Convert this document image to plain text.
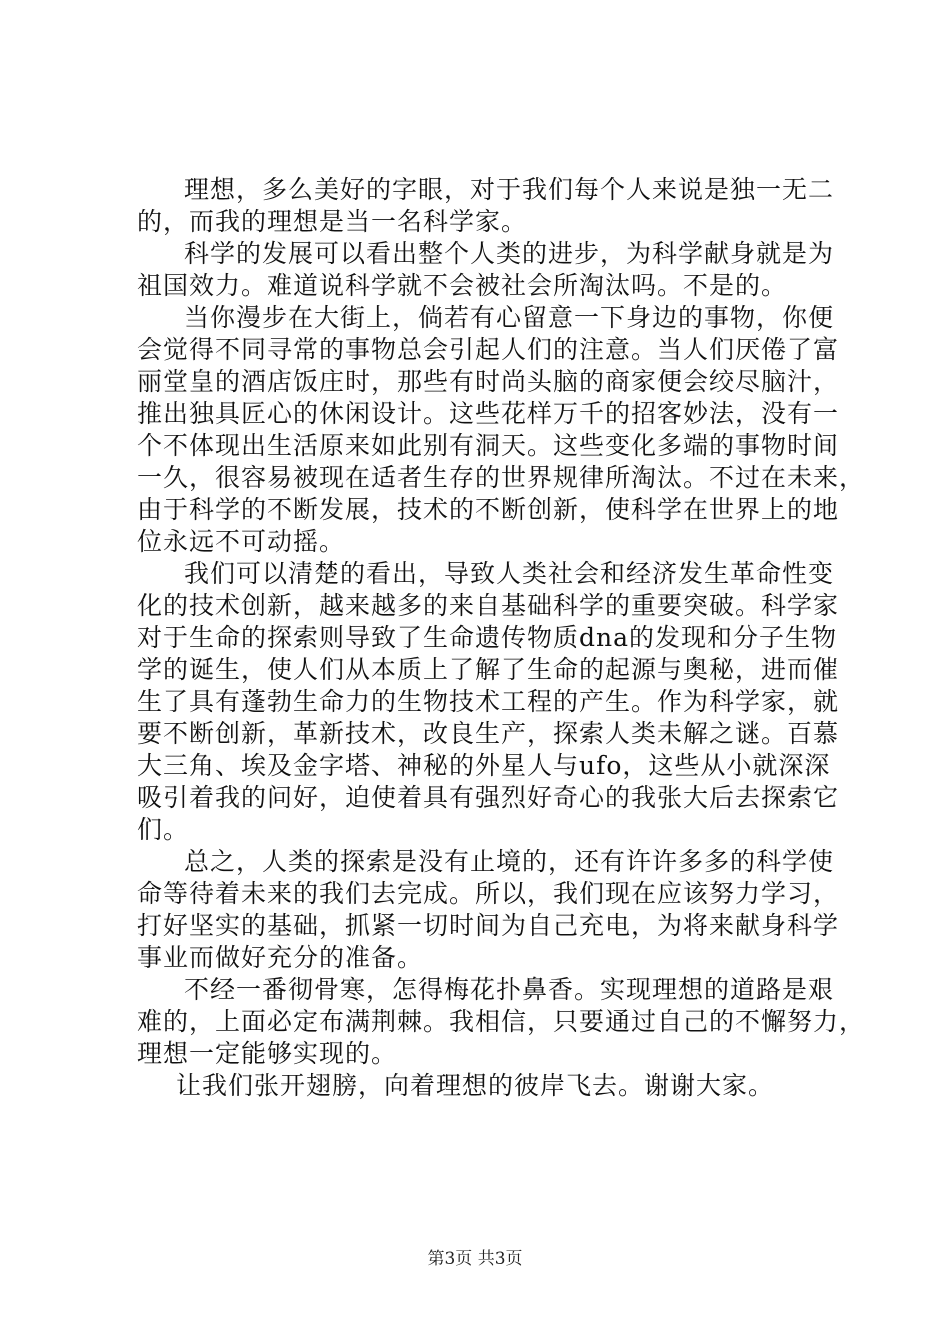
理想，多么美好的字眼，对于我们每个人来说是独一无二
的，而我的理想是当一名科学家。
科学的发展可以看出整个人类的进步，为科学献身就是为
祖国效力。难道说科学就不会被社会所淘汰吗。不是的。
当你漫步在大街上，倘若有心留意一下身边的事物，你便
会觉得不同寻常的事物总会引起人们的注意。当人们厌倦了富
丽堂皇的酒店饭庄时，那些有时尚头脑的商家便会绞尽脑汁，
推出独具匠心的休闲设计。这些花样万千的招客妙法，没有一
个不体现出生活原来如此别有洞天。这些变化多端的事物时间
一久，很容易被现在适者生存的世界规律所淘汰。不过在未来，
由于科学的不断发展，技术的不断创新，使科学在世界上的地
位永远不可动摇。
我们可以清楚的看出，导致人类社会和经济发生革命性变
化的技术创新，越来越多的来自基础科学的重要突破。科学家
对于生命的探索则导致了生命遗传物质dna的发现和分子生物
学的诞生，使人们从本质上了解了生命的起源与奥秘，进而催
生了具有蓬勃生命力的生物技术工程的产生。作为科学家，就
要不断创新，革新技术，改良生产，探索人类未解之谜。百慕
大三角、埃及金字塔、神秘的外星人与ufo，这些从小就深深
吸引着我的问好，迫使着具有强烈好奇心的我张大后去探索它
们。
总之，人类的探索是没有止境的，还有许许多多的科学使
命等待着未来的我们去完成。所以，我们现在应该努力学习，
打好坚实的基础，抓紧一切时间为自己充电，为将来献身科学
事业而做好充分的准备。
不经一番彻骨寒，怎得梅花扑鼻香。实现理想的道路是艰
难的，上面必定布满荆棘。我相信，只要通过自己的不懈努力，
理想一定能够实现的。
让我们张开翅膀，向着理想的彼岸飞去。谢谢大家。
第3页 共3页
